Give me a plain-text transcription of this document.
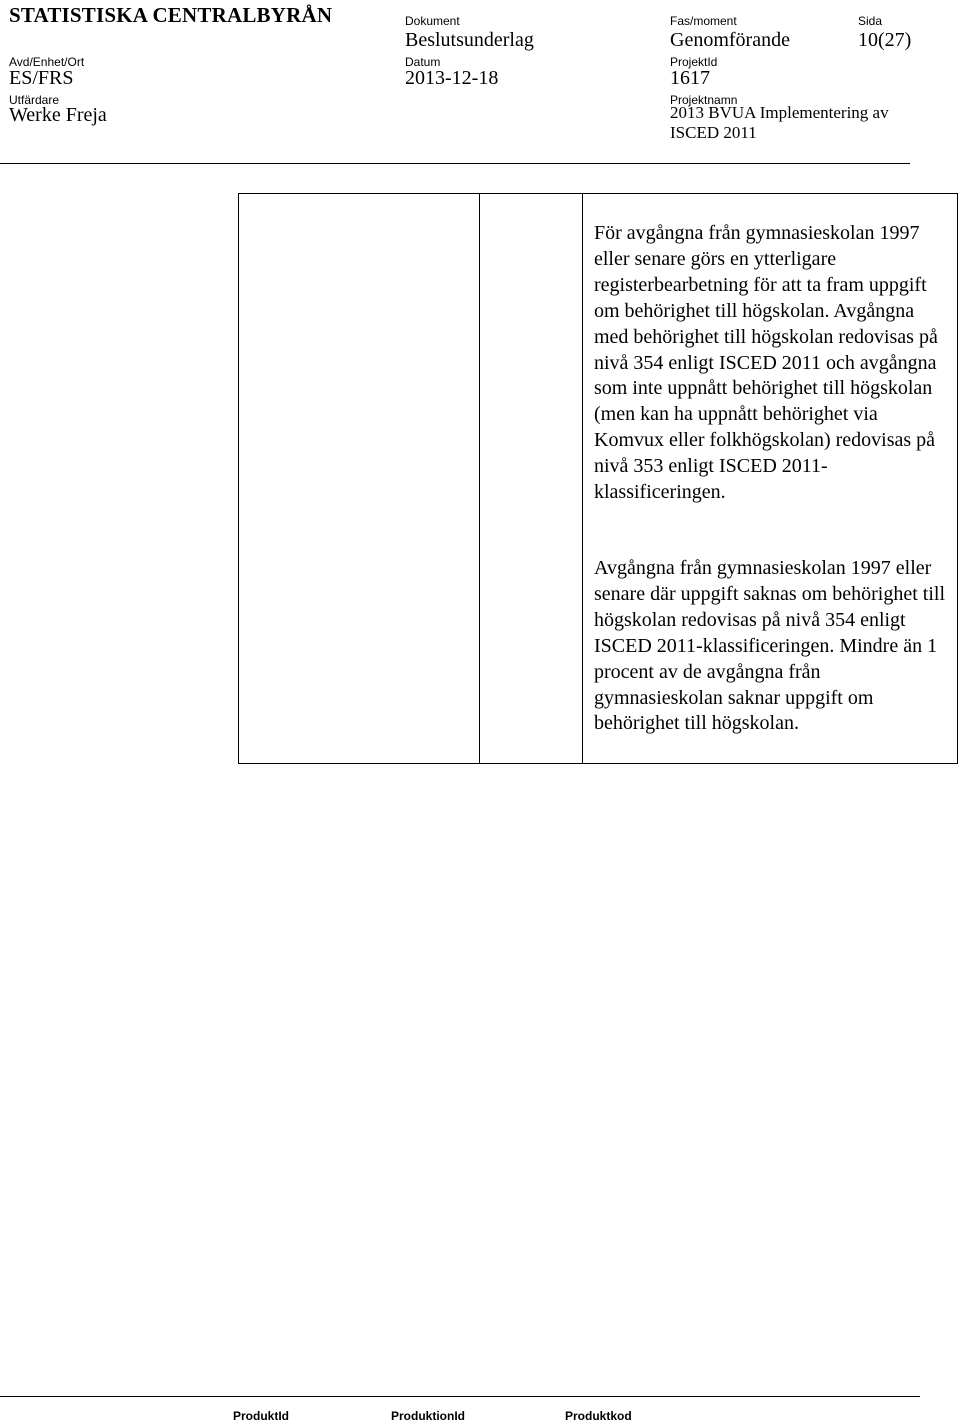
STATISTISKA CENTRALBYRÅN	Dokument
Beslutsunderlag
Fas/moment
Genomförande
Sida
10(27)
Avd/Enhet/Ort
ES/FRS
Datum
2013-12-18
ProjektId
1617
Utfärdare
Werke Freja
Projektnamn
2013 BVUA Implementering av
ISCED 2011
För avgångna från gymnasieskolan 1997 eller senare görs en ytterligare registerbearbetning för att ta fram uppgift om behörighet till högskolan. Avgångna med behörighet till högskolan redovisas på nivå 354 enligt ISCED 2011 och avgångna som inte uppnått behörighet till högskolan (men kan ha uppnått behörighet via Komvux eller folkhögskolan) redovisas på nivå 353 enligt ISCED 2011-klassificeringen.
Avgångna från gymnasieskolan 1997 eller senare där uppgift saknas om behörighet till högskolan redovisas på nivå 354 enligt ISCED 2011-klassificeringen. Mindre än 1 procent av de avgångna från gymnasieskolan saknar uppgift om behörighet till högskolan.
ProduktId	ProduktionId	Produktkod
